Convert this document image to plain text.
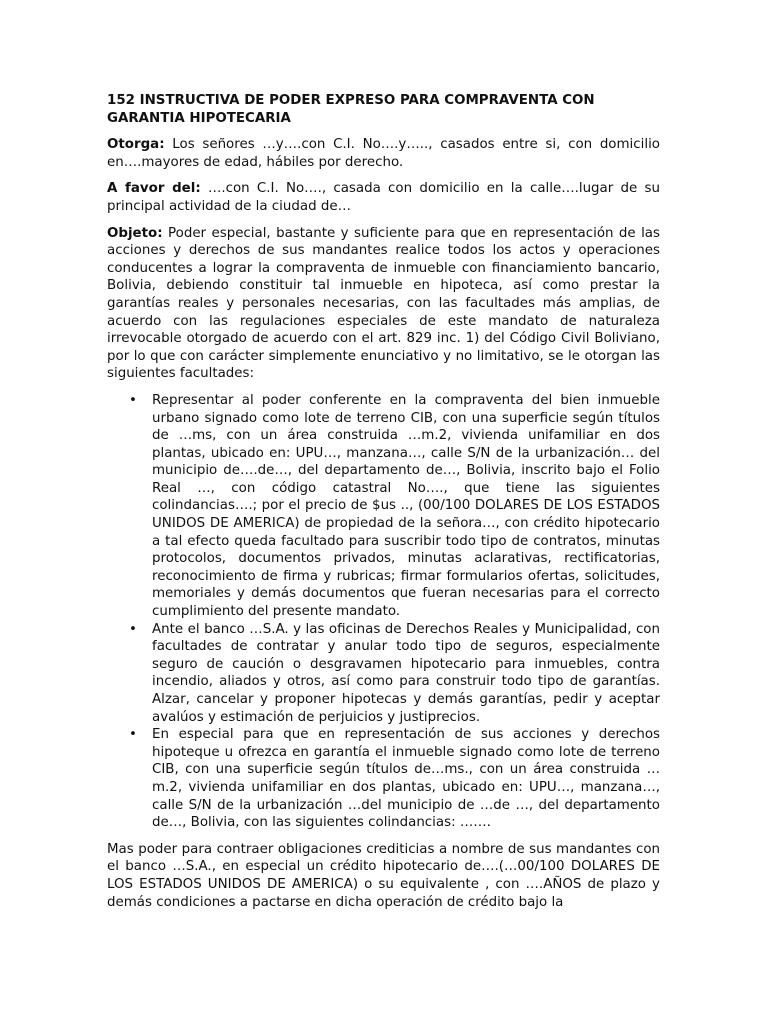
152 INSTRUCTIVA DE PODER EXPRESO PARA COMPRAVENTA CON GARANTIA HIPOTECARIA
Otorga: Los señores …y….con C.I. No….y….., casados entre si, con domicilio en….mayores de edad, hábiles por derecho.
A favor del: ….con C.I. No…., casada con domicilio en la calle….lugar de su principal actividad de la ciudad de…
Objeto: Poder especial, bastante y suficiente para que en representación de las acciones y derechos de sus mandantes realice todos los actos y operaciones conducentes a lograr la compraventa de inmueble con financiamiento bancario, Bolivia, debiendo constituir tal inmueble en hipoteca, así como prestar la garantías reales y personales necesarias, con las facultades más amplias, de acuerdo con las regulaciones especiales de este mandato de naturaleza irrevocable otorgado de acuerdo con el art. 829 inc. 1) del Código Civil Boliviano, por lo que con carácter simplemente enunciativo y no limitativo, se le otorgan las siguientes facultades:
• Representar al poder conferente en la compraventa del bien inmueble urbano signado como lote de terreno CIB, con una superficie según títulos de …ms, con un área construida …m.2, vivienda unifamiliar en dos plantas, ubicado en: UPU…, manzana…, calle S/N de la urbanización… del municipio de….de…, del departamento de…, Bolivia, inscrito bajo el Folio Real …, con código catastral No…., que tiene las siguientes colindancias….; por el precio de $us .., (00/100 DOLARES DE LOS ESTADOS UNIDOS DE AMERICA) de propiedad de la señora…, con crédito hipotecario a tal efecto queda facultado para suscribir todo tipo de contratos, minutas protocolos, documentos privados, minutas aclarativas, rectificatorias, reconocimiento de firma y rubricas; firmar formularios ofertas, solicitudes, memoriales y demás documentos que fueran necesarias para el correcto cumplimiento del presente mandato.
• Ante el banco …S.A. y las oficinas de Derechos Reales y Municipalidad, con facultades de contratar y anular todo tipo de seguros, especialmente seguro de caución o desgravamen hipotecario para inmuebles, contra incendio, aliados y otros, así como para construir todo tipo de garantías. Alzar, cancelar y proponer hipotecas y demás garantías, pedir y aceptar avalúos y estimación de perjuicios y justiprecios.
• En especial para que en representación de sus acciones y derechos hipoteque u ofrezca en garantía el inmueble signado como lote de terreno CIB, con una superficie según títulos de…ms., con un área construida …m.2, vivienda unifamiliar en dos plantas, ubicado en: UPU…, manzana…, calle S/N de la urbanización …del municipio de …de …, del departamento de…, Bolivia, con las siguientes colindancias: …….
Mas poder para contraer obligaciones crediticias a nombre de sus mandantes con el banco …S.A., en especial un crédito hipotecario de….(…00/100 DOLARES DE LOS ESTADOS UNIDOS DE AMERICA) o su equivalente , con ….AÑOS de plazo y demás condiciones a pactarse en dicha operación de crédito bajo la
